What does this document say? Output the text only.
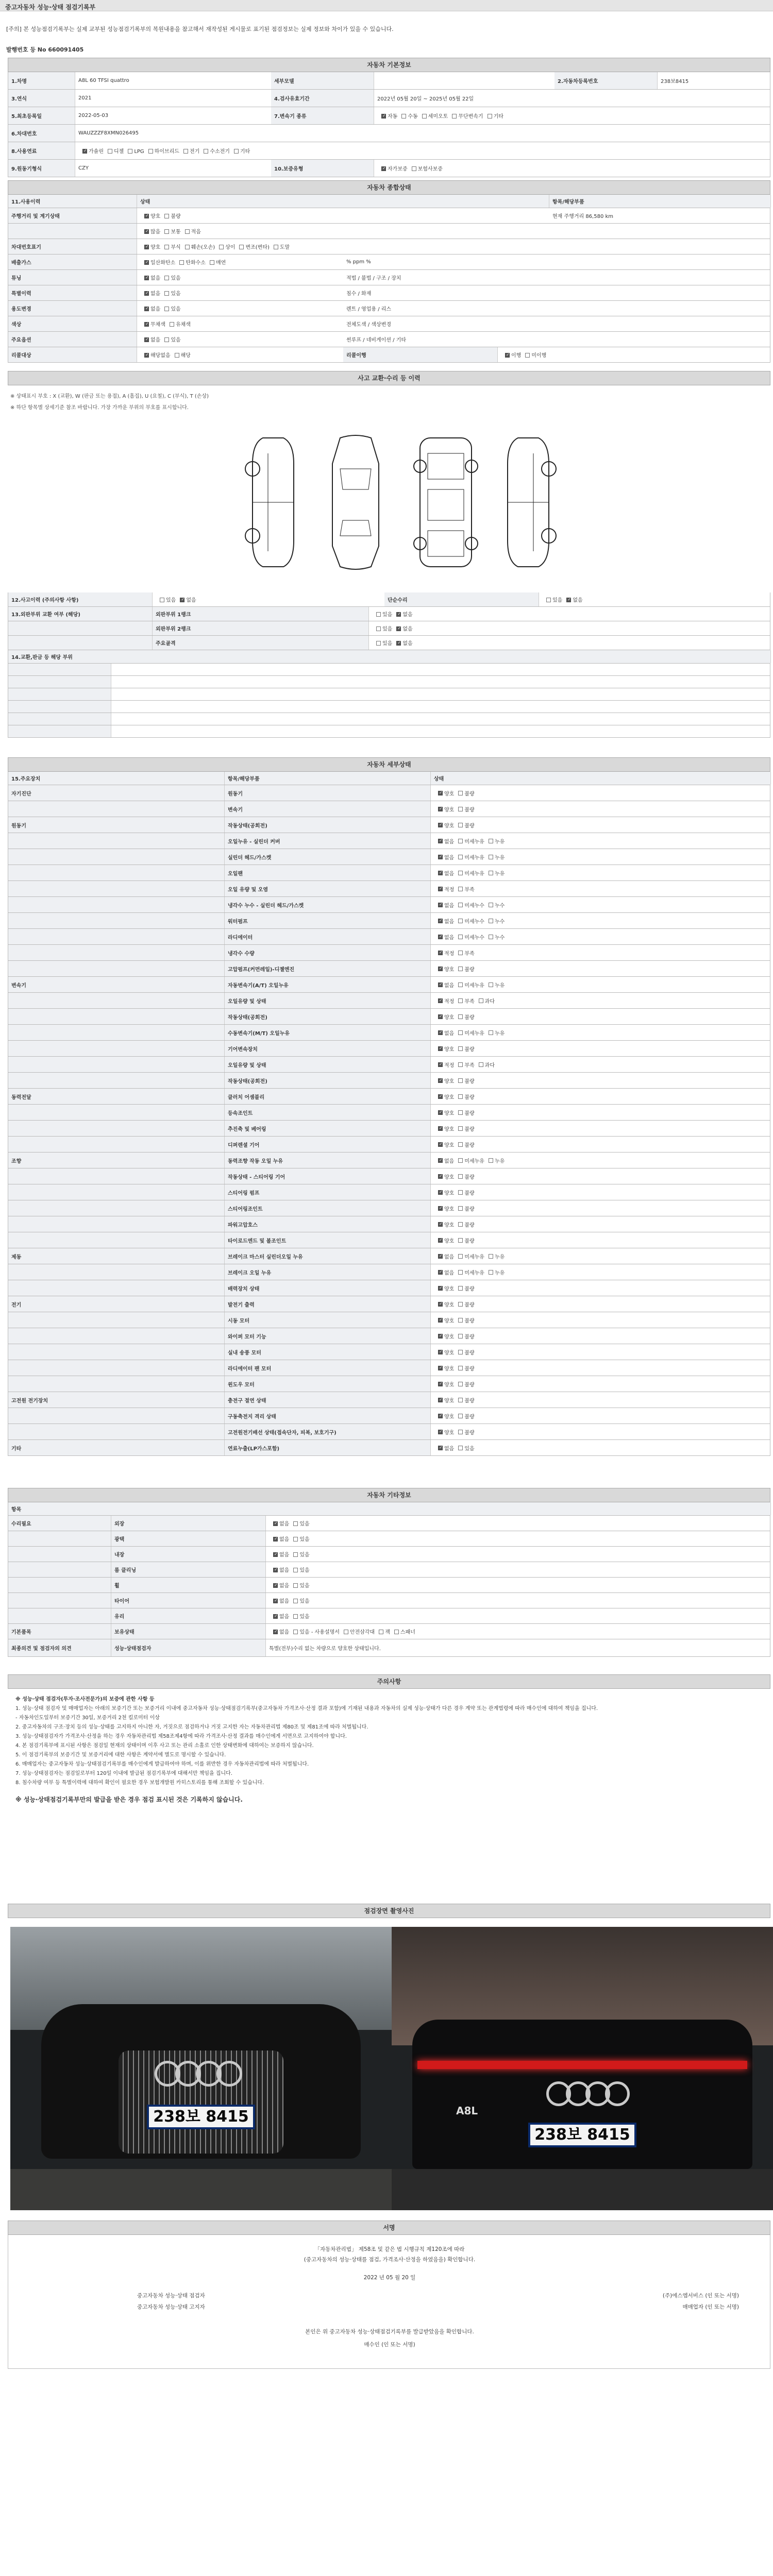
중고자동차 성능·상태 점검기록부
[주의] 본 성능점검기록부는 실제 교부된 성능점검기록부의 복원내용을 참고해서 재작성된 게시물로 표기된 점검정보는 실제 정보와 차이가 있을 수 있습니다.
발행번호 등 No 660091405
자동차 기본정보
1.차명	A8L 60 TFSI quattro	세부모델	2.자동차등록번호	238보8415
3.연식	2021	4.검사유효기간	2022년 05월 20일 ~ 2025년 05월 22일
5.최초등록일	2022-05-03	7.변속기 종류 ✓	자동 수동 세미오토 무단변속기 기타
6.차대번호	WAUZZZF8XMN026495
8.사용연료 ✓	가솔린 디젤 LPG 하이브리드 전기 수소전기 기타
9.원동기형식	CZY	10.보증유형 ✓	자가보증 보험사보증
자동차 종합상태
11.사용이력	상태	항목/해당부품
주행거리 및 계기상태 ✓	양호 불량	현재 주행거리 86,580 km
✓많음 보통 적음
차대번호표기 ✓	양호 부식 훼손(오손) 상이 변조(변타) 도말
배출가스 ✓	일산화탄소 탄화수소 매연	% ppm %
튜닝 ✓	없음 있음	적법 / 불법 / 구조 / 장치
특별이력 ✓	없음 있음	침수 / 화재
용도변경 ✓	없음 있음	렌트 / 영업용 / 리스
색상 ✓	무채색 유채색	전체도색 / 색상변경
주요옵션 ✓	없음 있음	썬루프 / 네비게이션 / 기타
리콜대상 ✓	해당없음 해당	리콜이행 ✓	이행 미이행
사고 교환·수리 등 이력
※ 상태표시 부호 : X (교환), W (판금 또는 용접), A (흠집), U (요철), C (부식), T (손상)
※ 하단 항목별 상세기준 참조 바랍니다. 가장 가까운 부위의 부호를 표시합니다.
12.사고이력 (주의사항 사항)	있음 ✓ 없음	단순수리	있음 ✓ 없음
13.외판부위 교환 여부 (해당)	외판부위 1랭크	있음 ✓ 없음
외판부위 2랭크	있음 ✓ 없음
주요골격	있음 ✓ 없음
14.교환,판금 등 해당 부위
자동차 세부상태
15.주요장치	항목/해당부품	상태
자기진단	원동기 ✓	양호 불량
변속기 ✓	양호 불량
원동기	작동상태(공회전) ✓	양호 불량
오일누유 - 실린더 커버 ✓	없음 미세누유 누유
실린더 헤드/가스켓 ✓	없음 미세누유 누유
오일팬 ✓	없음 미세누유 누유
오일 유량 및 오염 ✓	적정 부족
냉각수 누수 - 실린더 헤드/가스켓 ✓	없음 미세누수 누수
워터펌프 ✓	없음 미세누수 누수
라디에이터 ✓	없음 미세누수 누수
냉각수 수량 ✓	적정 부족
고압펌프(커먼레일)-디젤엔진 ✓	양호 불량
변속기	자동변속기(A/T) 오일누유 ✓	없음 미세누유 누유
오일유량 및 상태 ✓	적정 부족 과다
작동상태(공회전) ✓	양호 불량
수동변속기(M/T) 오일누유 ✓	없음 미세누유 누유
기어변속장치 ✓	양호 불량
오일유량 및 상태 ✓	적정 부족 과다
작동상태(공회전) ✓	양호 불량
동력전달	클러치 어셈블리 ✓	양호 불량
등속조인트 ✓	양호 불량
추진축 및 베어링 ✓	양호 불량
디퍼렌셜 기어 ✓	양호 불량
조향	동력조향 작동 오일 누유 ✓	없음 미세누유 누유
작동상태 - 스티어링 기어 ✓	양호 불량
스티어링 펌프 ✓	양호 불량
스티어링조인트 ✓	양호 불량
파워고압호스 ✓	양호 불량
타이로드엔드 및 볼조인트 ✓	양호 불량
제동	브레이크 마스터 실린더오일 누유 ✓	없음 미세누유 누유
브레이크 오일 누유 ✓	없음 미세누유 누유
배력장치 상태 ✓	양호 불량
전기	발전기 출력 ✓	양호 불량
시동 모터 ✓	양호 불량
와이퍼 모터 기능 ✓	양호 불량
실내 송풍 모터 ✓	양호 불량
라디에이터 팬 모터 ✓	양호 불량
윈도우 모터 ✓	양호 불량
고전원 전기장치	충전구 절연 상태 ✓	양호 불량
구동축전지 격리 상태 ✓	양호 불량
고전원전기배선 상태(접속단자, 피복, 보호기구) ✓	양호 불량
기타	연료누출(LP가스포함) ✓	없음 있음
자동차 기타정보
항목
수리필요	외장 ✓	없음 있음
광택 ✓	없음 있음
내장 ✓	없음 있음
룸 클리닝 ✓	없음 있음
휠 ✓	없음 있음
타이어 ✓	없음 있음
유리 ✓	없음 있음
기본품목	보유상태 ✓	없음 있음 - 사용설명서 안전삼각대 잭 스패너
최종의견 및 점검자의 의견	성능·상태점검자	특별(전부)수리 없는 차량으로 양호한 상태입니다.
주의사항
※ 성능·상태 점검자(투자·조사전문가)의 보증에 관한 사항 등
1. 성능·상태 점검자 및 매매업자는 아래의 보증기간 또는 보증거리 이내에 중고자동차 성능·상태점검기록부(중고자동차 가격조사·산정 결과 포함)에 기재된 내용과 자동차의 실제 성능·상태가 다른 경우 계약 또는 관계법령에 따라 매수인에 대하여 책임을 집니다.
- 자동차인도일부터 보증기간 30일, 보증거리 2천 킬로미터 이상
2. 중고자동차의 구조·장치 등의 성능·상태를 고지하지 아니한 자, 거짓으로 점검하거나 거짓 고지한 자는 자동차관리법 제80조 및 제81조에 따라 처벌됩니다.
3. 성능·상태점검자가 가격조사·산정을 하는 경우 자동차관리법 제58조제4항에 따라 가격조사·산정 결과를 매수인에게 서면으로 고지하여야 합니다.
4. 본 점검기록부에 표시된 사항은 점검일 현재의 상태이며 이후 사고 또는 관리 소홀로 인한 상태변화에 대하여는 보증하지 않습니다.
5. 이 점검기록부의 보증기간 및 보증거리에 대한 사항은 계약서에 별도로 명시할 수 있습니다.
6. 매매업자는 중고자동차 성능·상태점검기록부를 매수인에게 발급하여야 하며, 이를 위반한 경우 자동차관리법에 따라 처벌됩니다.
7. 성능·상태점검자는 점검일로부터 120일 이내에 발급된 점검기록부에 대해서만 책임을 집니다.
8. 침수차량 여부 등 특별이력에 대하여 확인이 필요한 경우 보험개발원 카히스토리를 통해 조회할 수 있습니다.
※ 성능·상태점검기록부만의 발급을 받은 경우 점검 표시된 것은 기록하지 않습니다.
점검장면 촬영사진
238보 8415	A8L
238보 8415
서명
「자동차관리법」 제58조 및 같은 법 시행규칙 제120조에 따라
(중고자동차의 성능·상태를 점검, 가격조사·산정을 하였음을) 확인합니다.
2022 년 05 월 20 일
중고자동차 성능·상태 점검자
중고자동차 성능·상태 고지자
(주)에스엠서비스 (인 또는 서명)
매매업자 (인 또는 서명)
본인은 위 중고자동차 성능·상태점검기록부를 발급받았음을 확인합니다.
매수인 (인 또는 서명)
